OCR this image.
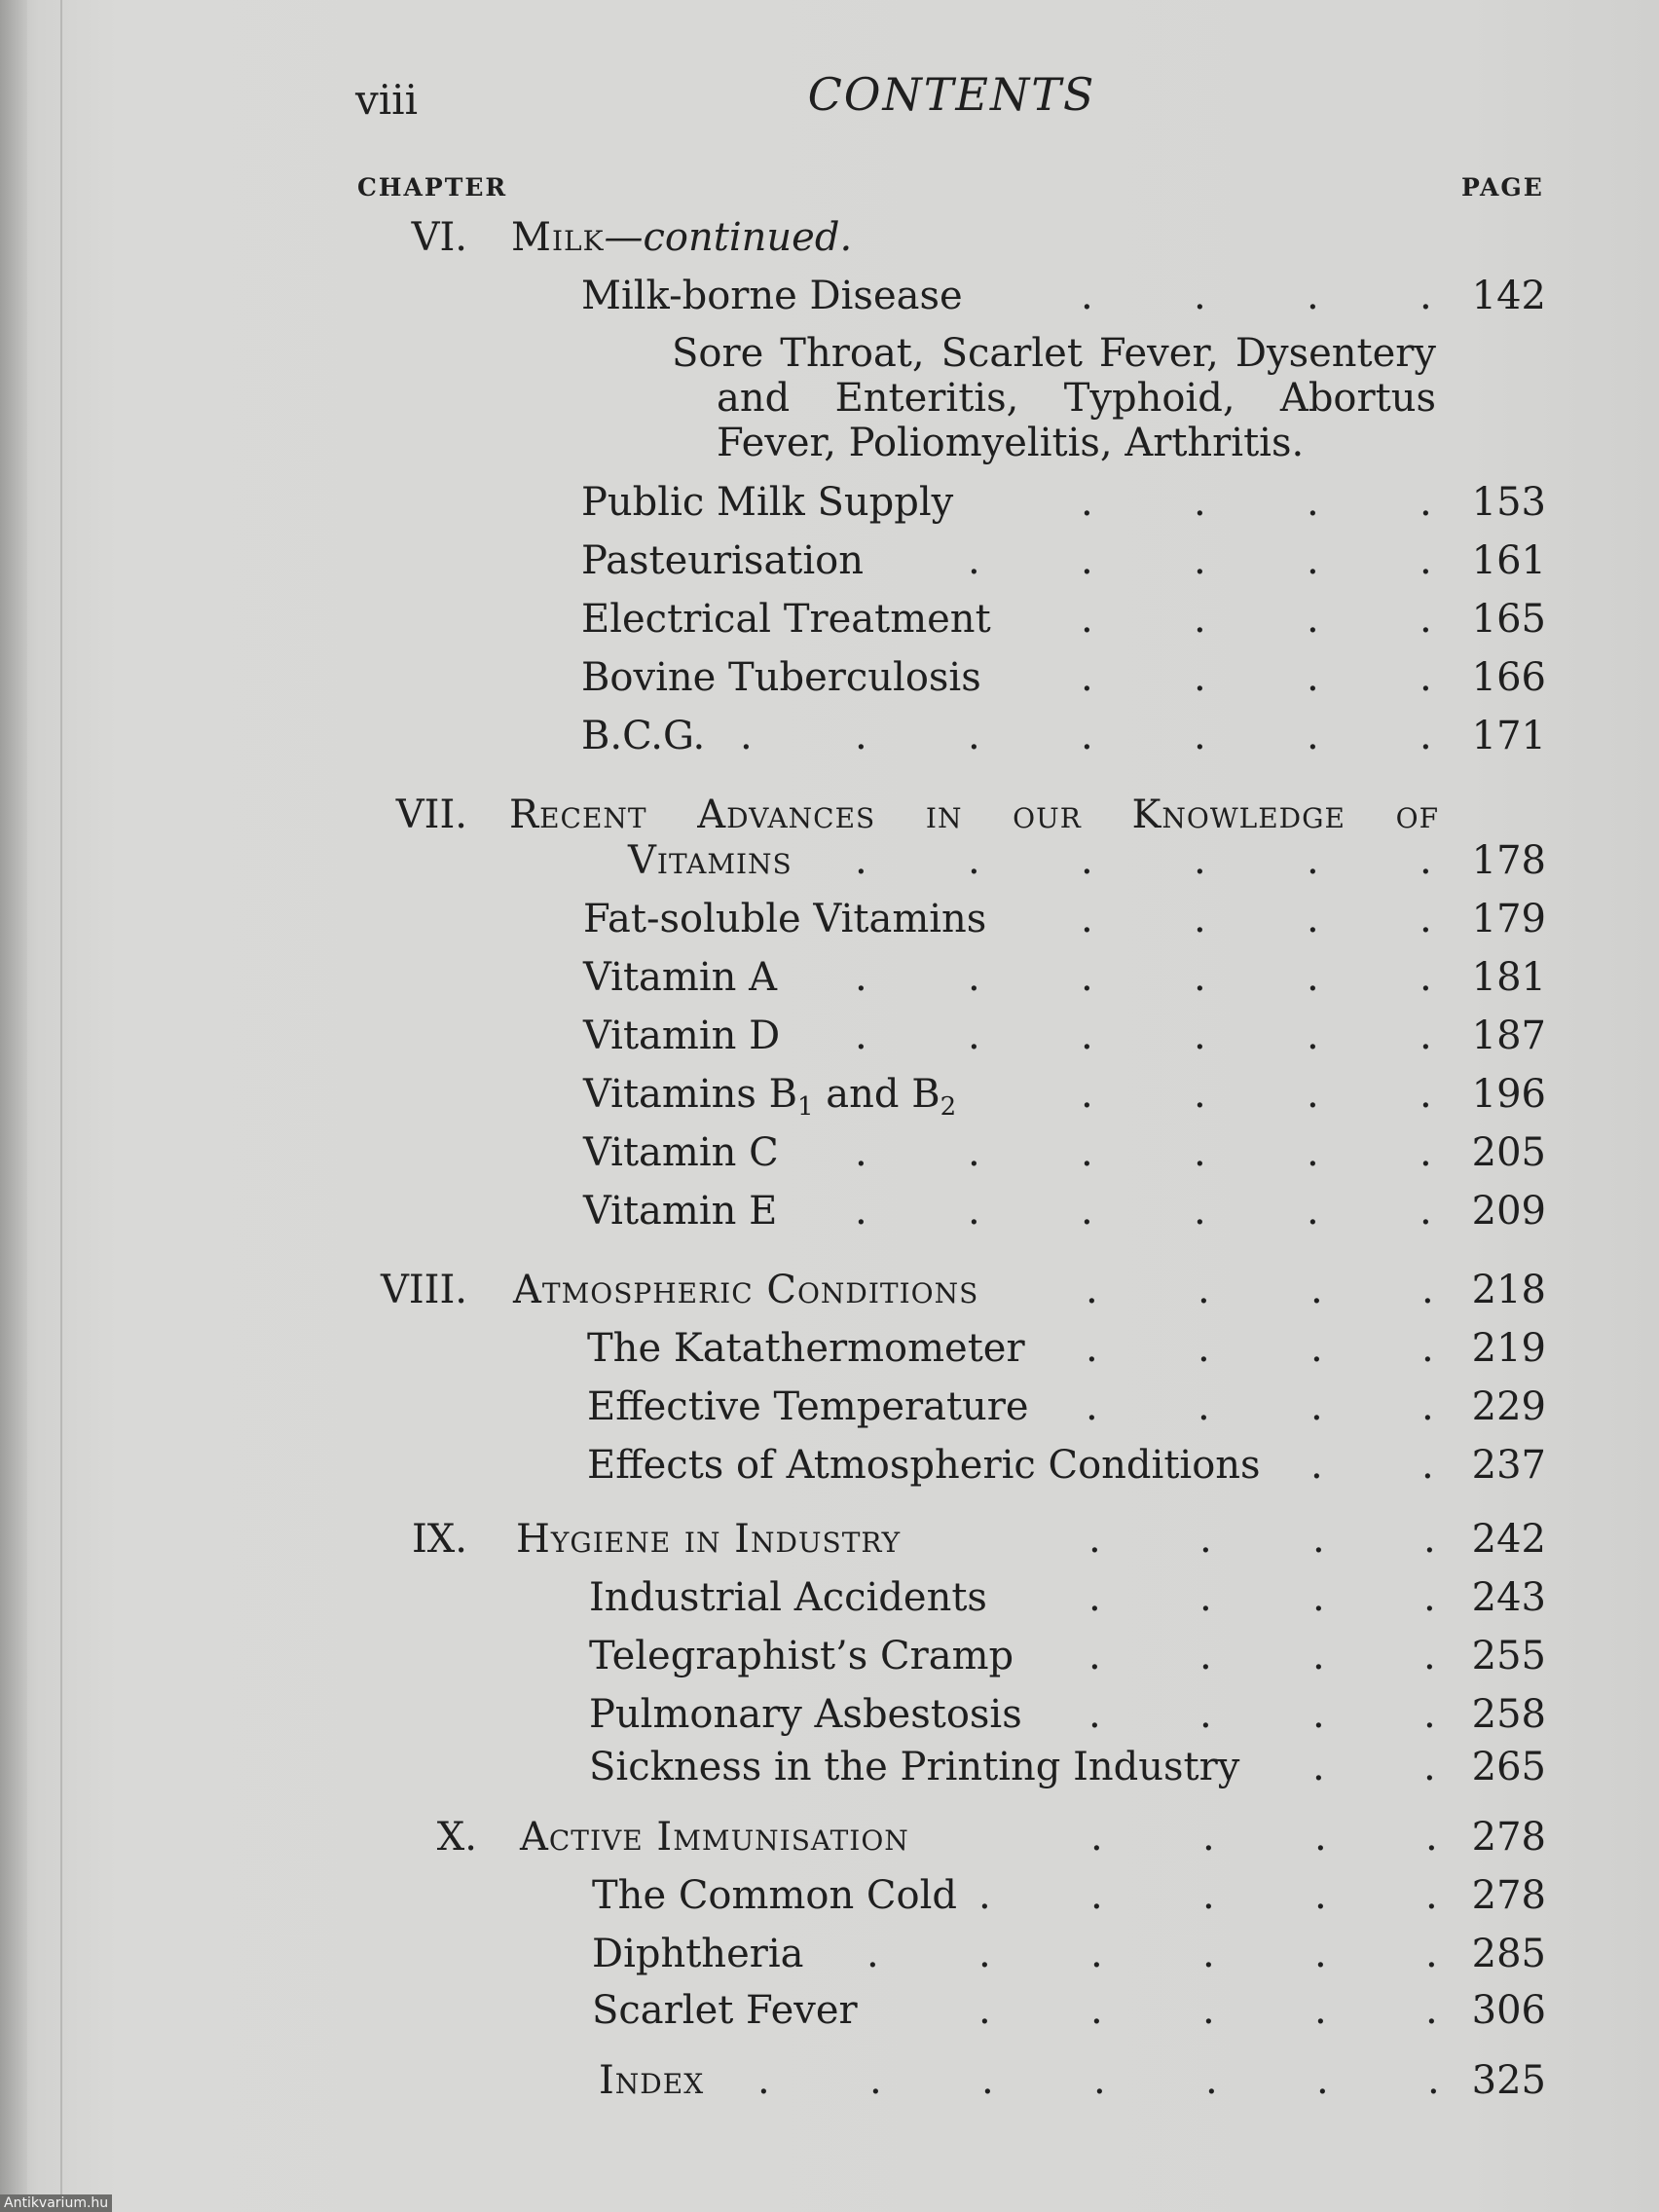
viii	CONTENTS
CHAPTER	PAGE
VI. Milk—continued.
Milk-borne Disease	.	.	.	. 142
Sore Throat, Scarlet Fever, Dysentery and Enteritis, Typhoid, Abortus Fever, Poliomyelitis, Arthritis.
Public Milk Supply	.	.	.	. 153
Pasteurisation	.	.	.	.	. 161
Electrical Treatment .	.	.	. 165
Bovine Tuberculosis	.	.	.	. 166
B.C.G. .	.	.	.	.	.	. 171
VII. Recent Advances in our Knowledge of
Vitamins .	.	.	.	.	. 178
Fat-soluble Vitamins .	.	.	. 179
Vitamin A .	.	.	.	.	. 181
Vitamin D .	.	.	.	.	. 187
Vitamins $B_1$ and $B_2$	.	.	.	. 196
Vitamin C .	.	.	.	.	. 205
Vitamin E .	.	.	.	.	. 209
VIII. Atmospheric Conditions	.	.	.	. 218
The Katathermometer .	.	.	. 219
Effective Temperature .	.	.	. 229
Effects of Atmospheric Conditions .	. 237
IX. Hygiene in Industry	.	.	.	. 242
Industrial Accidents	.	.	.	. 243
Telegraphist’s Cramp .	.	.	. 255
Pulmonary Asbestosis .	.	.	. 258
Sickness in the Printing Industry .	. 265
X. Active Immunisation	.	.	.	. 278
The Common Cold .	.	.	.	. 278
Diphtheria .	.	.	.	.	. 285
Scarlet Fever	.	.	.	.	. 306
Index .	.	.	.	.	.	. 325
Antikvarium.hu
